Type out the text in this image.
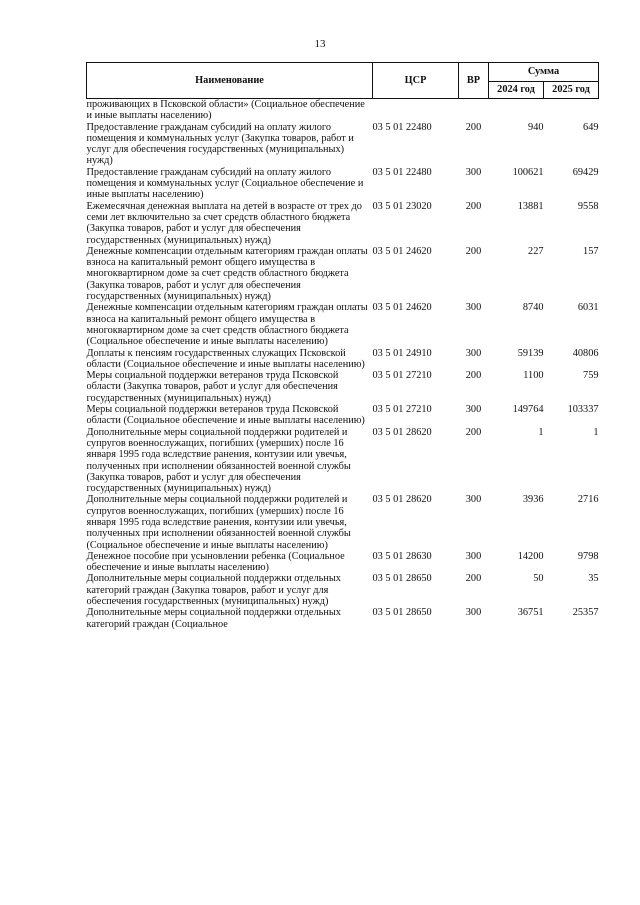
13
Наименование	ЦСР	ВР	Сумма	
			2024 год	2025 год
проживающих в Псковской области» (Социальное обеспечение и иные выплаты населению)				
Предоставление гражданам субсидий на оплату жилого помещения и коммунальных услуг (Закупка товаров, работ и услуг для обеспечения государственных (муниципальных) нужд)	03 5 01 22480	200	940	649
Предоставление гражданам субсидий на оплату жилого помещения и коммунальных услуг (Социальное обеспечение и иные выплаты населению)	03 5 01 22480	300	100621	69429
Ежемесячная денежная выплата на детей в возрасте от трех до семи лет включительно за счет средств областного бюджета (Закупка товаров, работ и услуг для обеспечения государственных (муниципальных) нужд)	03 5 01 23020	200	13881	9558
Денежные компенсации отдельным категориям граждан оплаты взноса на капитальный ремонт общего имущества в многоквартирном доме за счет средств областного бюджета (Закупка товаров, работ и услуг для обеспечения государственных (муниципальных) нужд)	03 5 01 24620	200	227	157
Денежные компенсации отдельным категориям граждан оплаты взноса на капитальный ремонт общего имущества в многоквартирном доме за счет средств областного бюджета (Социальное обеспечение и иные выплаты населению)	03 5 01 24620	300	8740	6031
Доплаты к пенсиям государственных служащих Псковской области (Социальное обеспечение и иные выплаты населению)	03 5 01 24910	300	59139	40806
Меры социальной поддержки ветеранов труда Псковской области (Закупка товаров, работ и услуг для обеспечения государственных (муниципальных) нужд)	03 5 01 27210	200	1100	759
Меры социальной поддержки ветеранов труда Псковской области (Социальное обеспечение и иные выплаты населению)	03 5 01 27210	300	149764	103337
Дополнительные меры социальной поддержки родителей и супругов военнослужащих, погибших (умерших) после 16 января 1995 года вследствие ранения, контузии или увечья, полученных при исполнении обязанностей военной службы (Закупка товаров, работ и услуг для обеспечения государственных (муниципальных) нужд)	03 5 01 28620	200	1	1
Дополнительные меры социальной поддержки родителей и супругов военнослужащих, погибших (умерших) после 16 января 1995 года вследствие ранения, контузии или увечья, полученных при исполнении обязанностей военной службы (Социальное обеспечение и иные выплаты населению)	03 5 01 28620	300	3936	2716
Денежное пособие при усыновлении ребенка (Социальное обеспечение и иные выплаты населению)	03 5 01 28630	300	14200	9798
Дополнительные меры социальной поддержки отдельных категорий граждан (Закупка товаров, работ и услуг для обеспечения государственных (муниципальных) нужд)	03 5 01 28650	200	50	35
Дополнительные меры социальной поддержки отдельных категорий граждан (Социальное	03 5 01 28650	300	36751	25357
